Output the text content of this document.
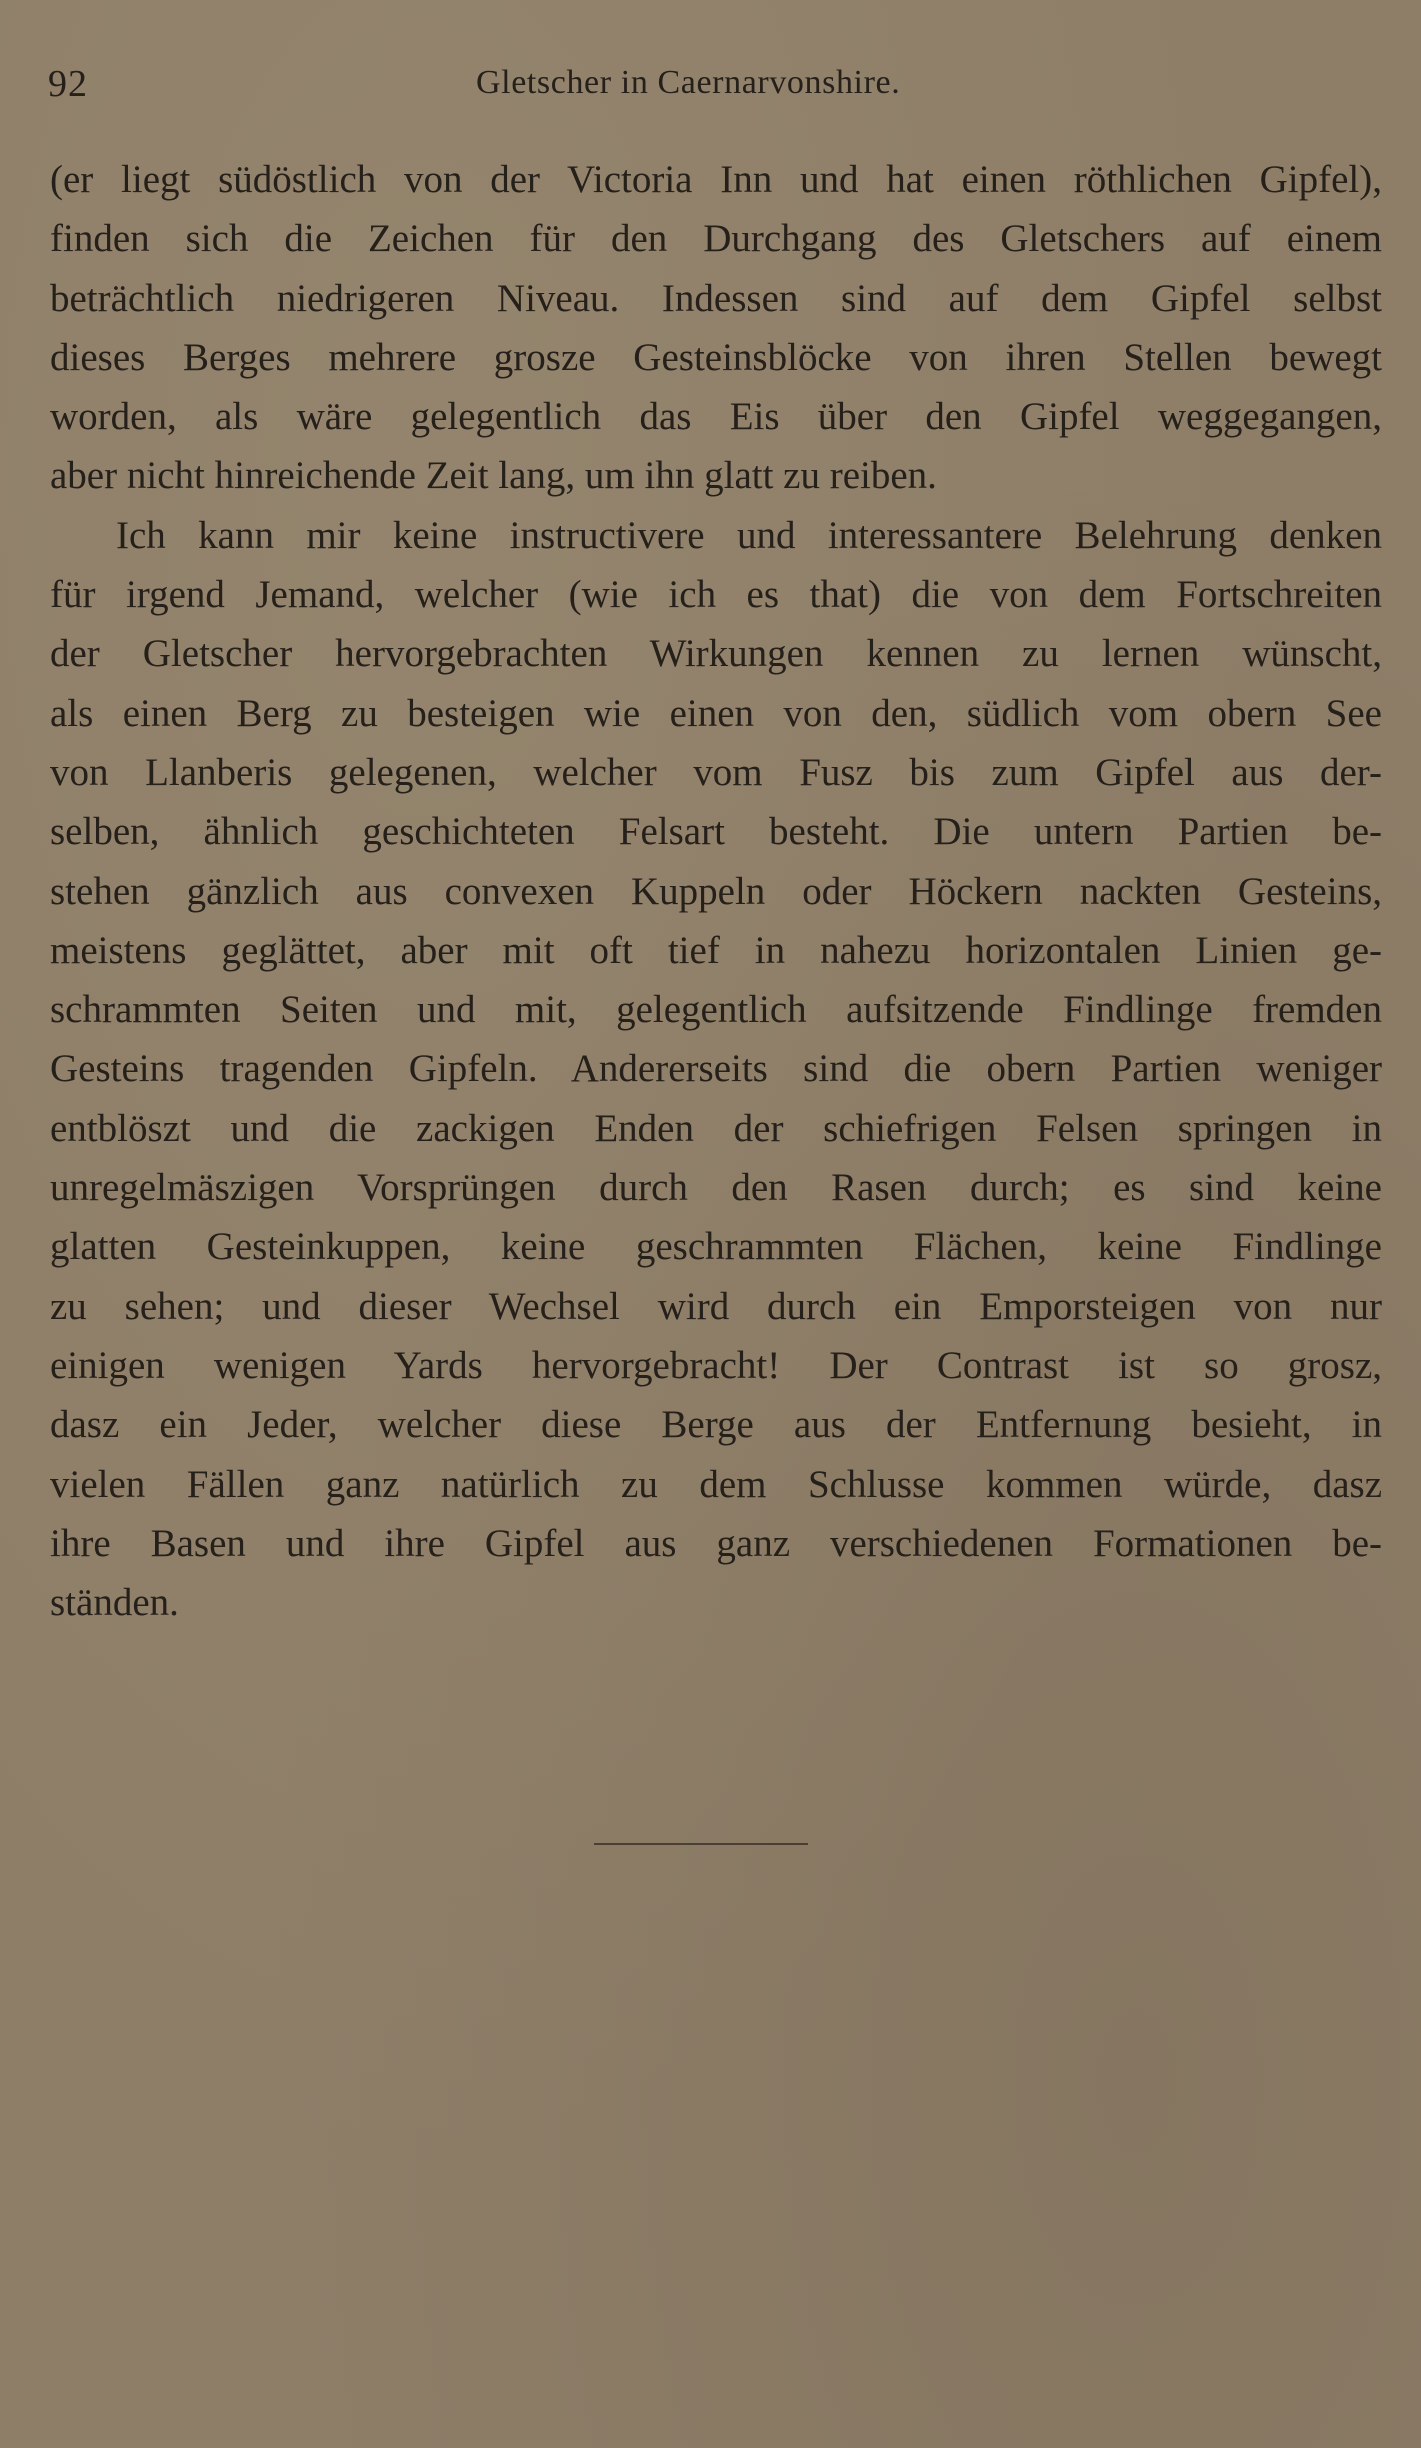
92	Gletscher in Caernarvonshire.
(er liegt südöstlich von der Victoria Inn und hat einen röthlichen Gipfel),
finden sich die Zeichen für den Durchgang des Gletschers auf einem
beträchtlich niedrigeren Niveau. Indessen sind auf dem Gipfel selbst
dieses Berges mehrere grosze Gesteinsblöcke von ihren Stellen bewegt
worden, als wäre gelegentlich das Eis über den Gipfel weggegangen,
aber nicht hinreichende Zeit lang, um ihn glatt zu reiben.
Ich kann mir keine instructivere und interessantere Belehrung denken
für irgend Jemand, welcher (wie ich es that) die von dem Fortschreiten
der Gletscher hervorgebrachten Wirkungen kennen zu lernen wünscht,
als einen Berg zu besteigen wie einen von den, südlich vom obern See
von Llanberis gelegenen, welcher vom Fusz bis zum Gipfel aus der-
selben, ähnlich geschichteten Felsart besteht. Die untern Partien be-
stehen gänzlich aus convexen Kuppeln oder Höckern nackten Gesteins,
meistens geglättet, aber mit oft tief in nahezu horizontalen Linien ge-
schrammten Seiten und mit, gelegentlich aufsitzende Findlinge fremden
Gesteins tragenden Gipfeln. Andererseits sind die obern Partien weniger
entblöszt und die zackigen Enden der schiefrigen Felsen springen in
unregelmäszigen Vorsprüngen durch den Rasen durch; es sind keine
glatten Gesteinkuppen, keine geschrammten Flächen, keine Findlinge
zu sehen; und dieser Wechsel wird durch ein Emporsteigen von nur
einigen wenigen Yards hervorgebracht! Der Contrast ist so grosz,
dasz ein Jeder, welcher diese Berge aus der Entfernung besieht, in
vielen Fällen ganz natürlich zu dem Schlusse kommen würde, dasz
ihre Basen und ihre Gipfel aus ganz verschiedenen Formationen be-
ständen.
